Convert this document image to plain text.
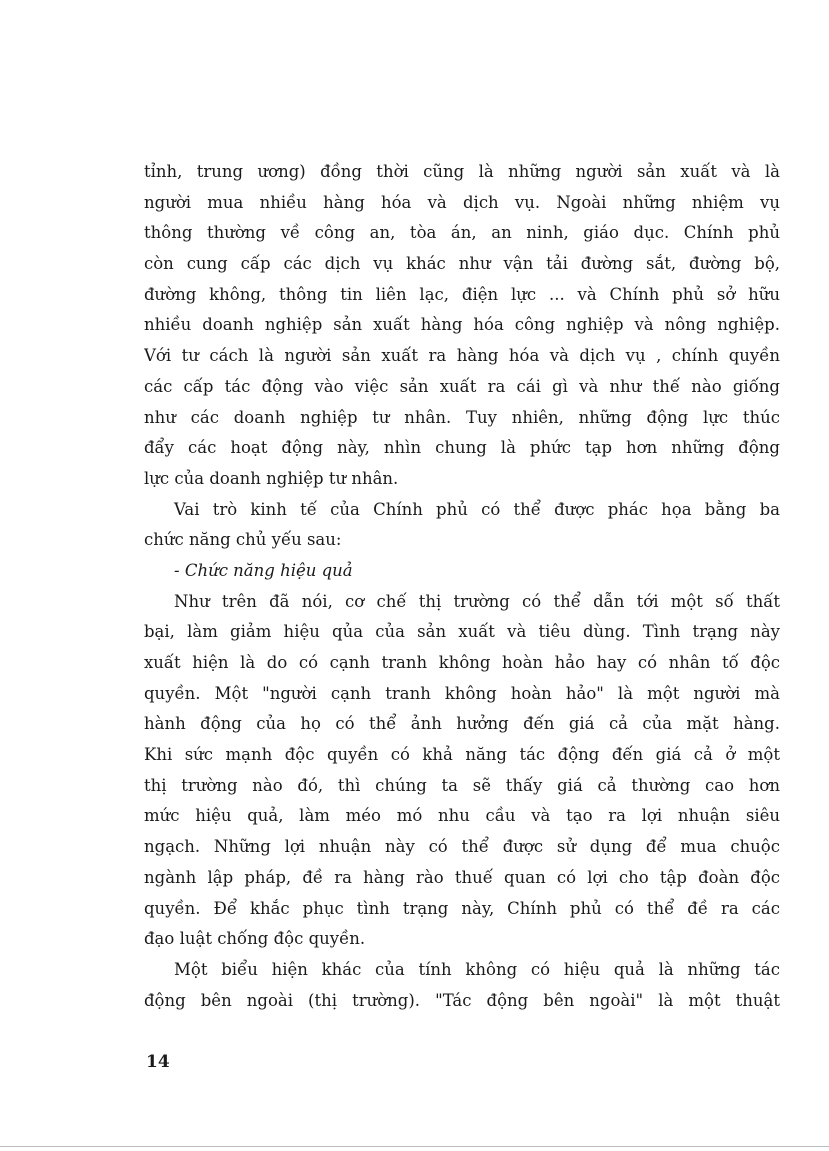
tỉnh, trung ương) đồng thời cũng là những người sản xuất và là
người mua nhiều hàng hóa và dịch vụ. Ngoài những nhiệm vụ
thông thường về công an, tòa án, an ninh, giáo dục. Chính phủ
còn cung cấp các dịch vụ khác như vận tải đường sắt, đường bộ,
đường không, thông tin liên lạc, điện lực ... và Chính phủ sở hữu
nhiều doanh nghiệp sản xuất hàng hóa công nghiệp và nông nghiệp.
Với tư cách là người sản xuất ra hàng hóa và dịch vụ , chính quyền
các cấp tác động vào việc sản xuất ra cái gì và như thế nào giống
như các doanh nghiệp tư nhân. Tuy nhiên, những động lực thúc
đẩy các hoạt động này, nhìn chung là phức tạp hơn những động
lực của doanh nghiệp tư nhân.
Vai trò kinh tế của Chính phủ có thể được phác họa bằng ba
chức năng chủ yếu sau:
- Chức năng hiệu quả
Như trên đã nói, cơ chế thị trường có thể dẫn tới một số thất
bại, làm giảm hiệu qủa của sản xuất và tiêu dùng. Tình trạng này
xuất hiện là do có cạnh tranh không hoàn hảo hay có nhân tố độc
quyền. Một "người cạnh tranh không hoàn hảo" là một người mà
hành động của họ có thể ảnh hưởng đến giá cả của mặt hàng.
Khi sức mạnh độc quyền có khả năng tác động đến giá cả ở một
thị trường nào đó, thì chúng ta sẽ thấy giá cả thường cao hơn
mức hiệu quả, làm méo mó nhu cầu và tạo ra lợi nhuận siêu
ngạch. Những lợi nhuận này có thể được sử dụng để mua chuộc
ngành lập pháp, đề ra hàng rào thuế quan có lợi cho tập đoàn độc
quyền. Để khắc phục tình trạng này, Chính phủ có thể đề ra các
đạo luật chống độc quyền.
Một biểu hiện khác của tính không có hiệu quả là những tác
động bên ngoài (thị trường). "Tác động bên ngoài" là một thuật
14
